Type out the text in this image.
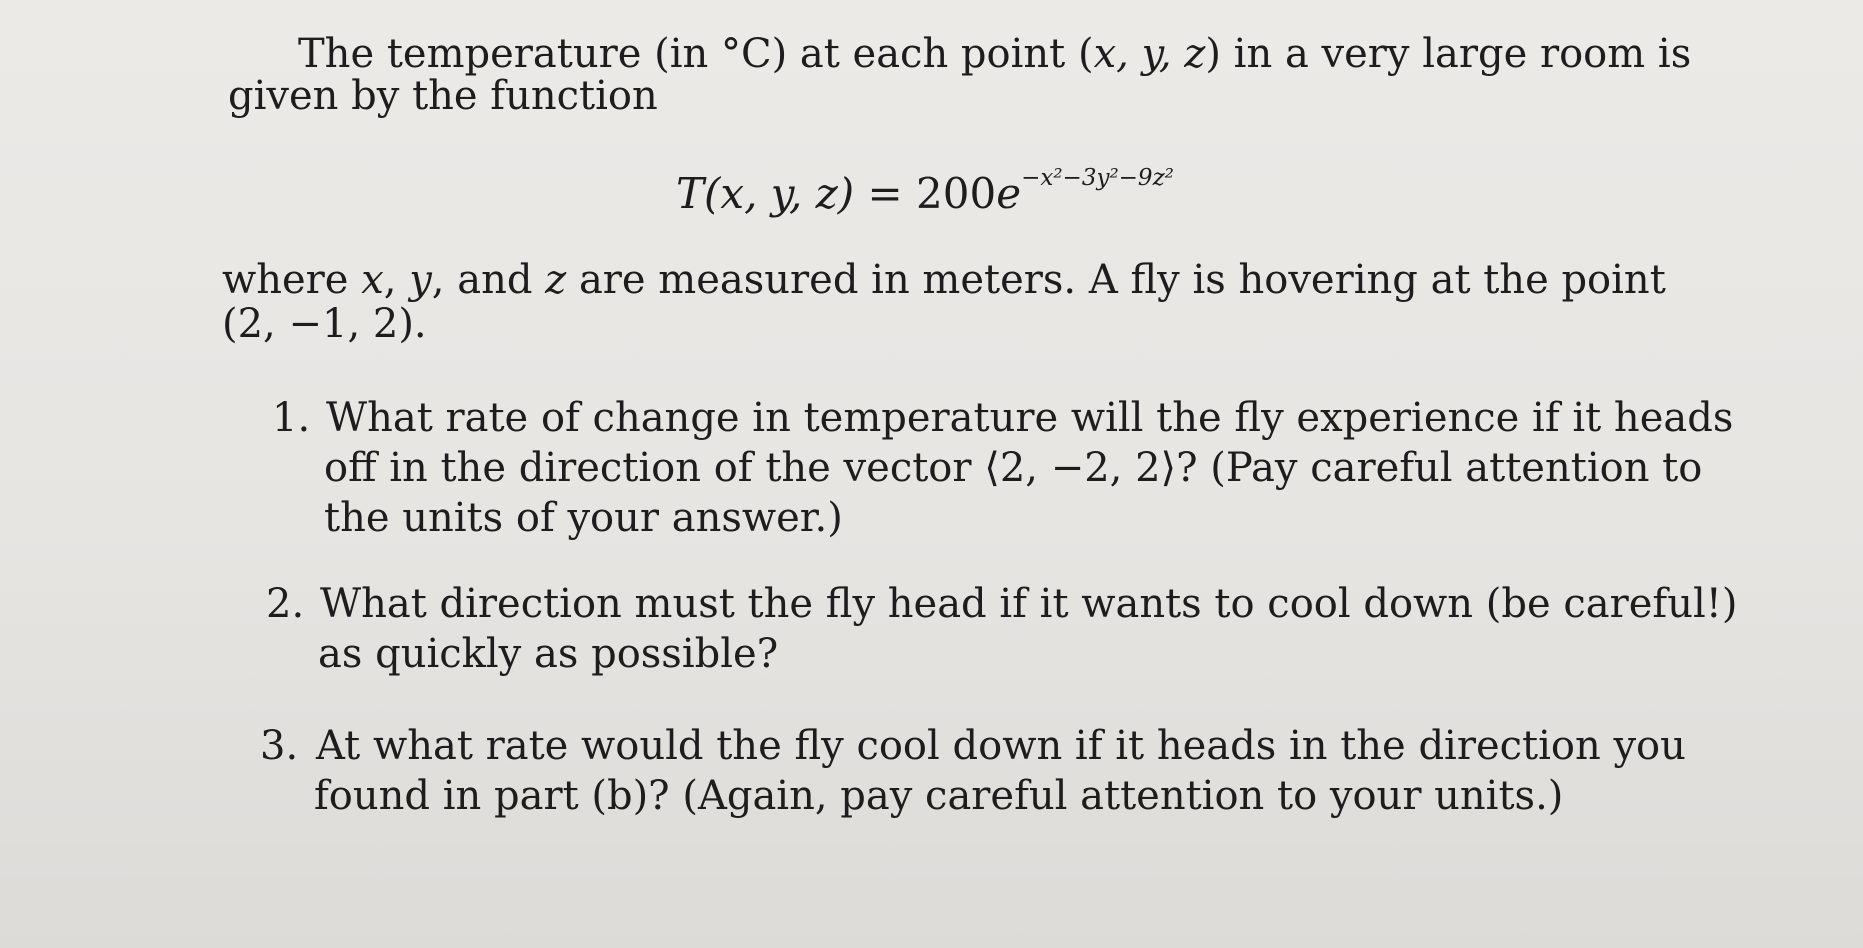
The temperature (in °C) at each point (x, y, z) in a very large room is
given by the function
T(x, y, $z) = 200e^{-x^2-3y^2-9z^2}$
where x, y, and z are measured in meters. A fly is hovering at the point
(2, −1, 2).
1. What rate of change in temperature will the fly experience if it heads
off in the direction of the vector ⟨2, −2, 2⟩? (Pay careful attention to
the units of your answer.)
2. What direction must the fly head if it wants to cool down (be careful!)
as quickly as possible?
3. At what rate would the fly cool down if it heads in the direction you
found in part (b)? (Again, pay careful attention to your units.)
